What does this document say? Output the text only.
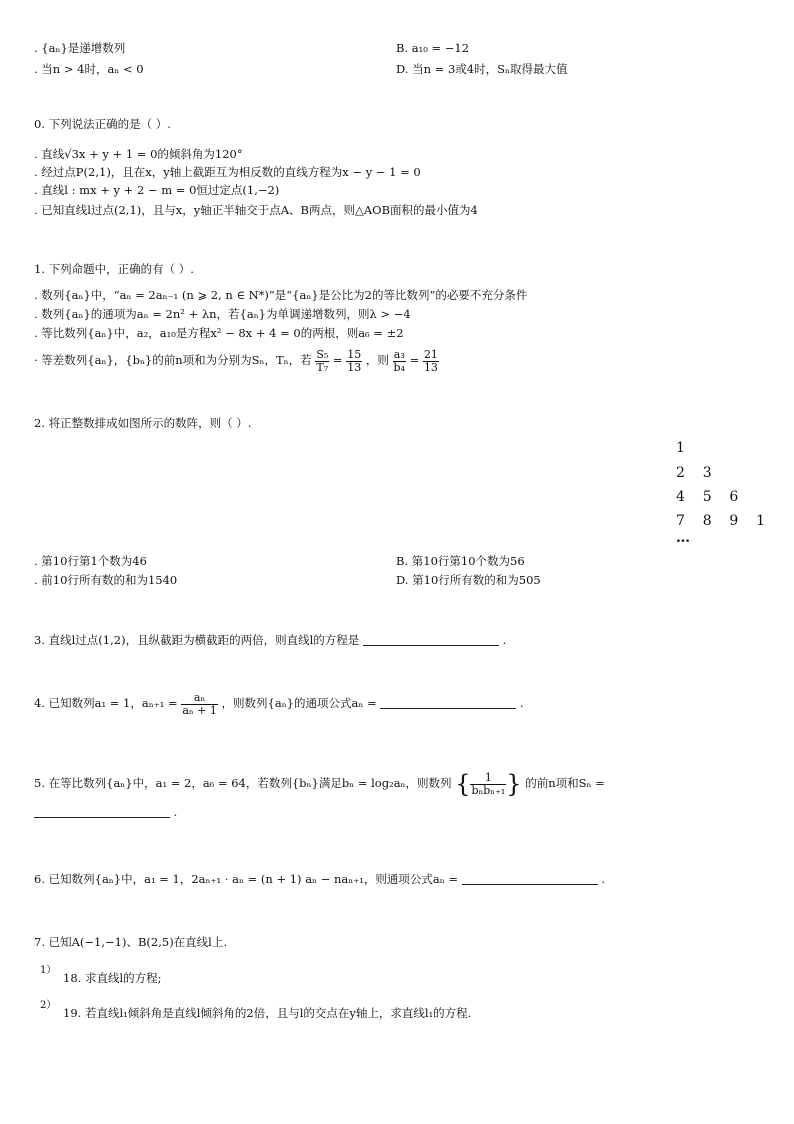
. {aₙ}是递增数列	B. a₁₀ = −12
. 当n > 4时，aₙ < 0	D. 当n = 3或4时，Sₙ取得最大值
0. 下列说法正确的是（ ）.
. 直线√3x + y + 1 = 0的倾斜角为120°
. 经过点P(2,1)，且在x，y轴上截距互为相反数的直线方程为x − y − 1 = 0
. 直线l : mx + y + 2 − m = 0恒过定点(1,−2)
. 已知直线l过点(2,1)，且与x，y轴正半轴交于点A、B两点，则△AOB面积的最小值为4
1. 下列命题中，正确的有（ ）.
. 数列{aₙ}中，“aₙ = 2aₙ₋₁ (n ⩾ 2, n ∈ N*)”是“{aₙ}是公比为2的等比数列”的必要不充分条件
. 数列{aₙ}的通项为aₙ = 2n² + λn，若{aₙ}为单调递增数列，则λ > −4
. 等比数列{aₙ}中，a₂，a₁₀是方程x² − 8x + 4 = 0的两根，则a₆ = ±2
· 等差数列{aₙ}，{bₙ}的前n项和为分别为Sₙ，Tₙ，若 $\frac{\text{S₅}}{\text{T₇}} = \frac{15}{13}$ ，则 $\frac{\text{a₃}}{\text{b₄}} = \frac{21}{13}$
2. 将正整数排成如图所示的数阵，则（ ）.
1
2    3
4    5    6
7    8    9    1
…
. 第10行第1个数为46	B. 第10行第10个数为56
. 前10行所有数的和为1540	D. 第10行所有数的和为505
3. 直线l过点(1,2)，且纵截距为横截距的两倍，则直线l的方程是	.
4. 已知数列a₁ = 1，$a_{n+1} = \frac{\text{aₙ}}{\text{aₙ + 1}}$ ，则数列{aₙ}的通项公式aₙ =	.
5. 在等比数列{aₙ}中，a₁ = 2，a₆ = 64，若数列{bₙ}满足bₙ = log₂aₙ，则数列 { $\frac{1}{\text{bₙbₙ₊₁}}$ } 的前n项和Sₙ =
.
6. 已知数列{aₙ}中，a₁ = 1，2aₙ₊₁ · aₙ = (n + 1) aₙ − naₙ₊₁，则通项公式aₙ =	.
7. 已知A(−1,−1)、B(2,5)在直线l上.
1）
18. 求直线l的方程;
2）
19. 若直线l₁倾斜角是直线l倾斜角的2倍，且与l的交点在y轴上，求直线l₁的方程.
